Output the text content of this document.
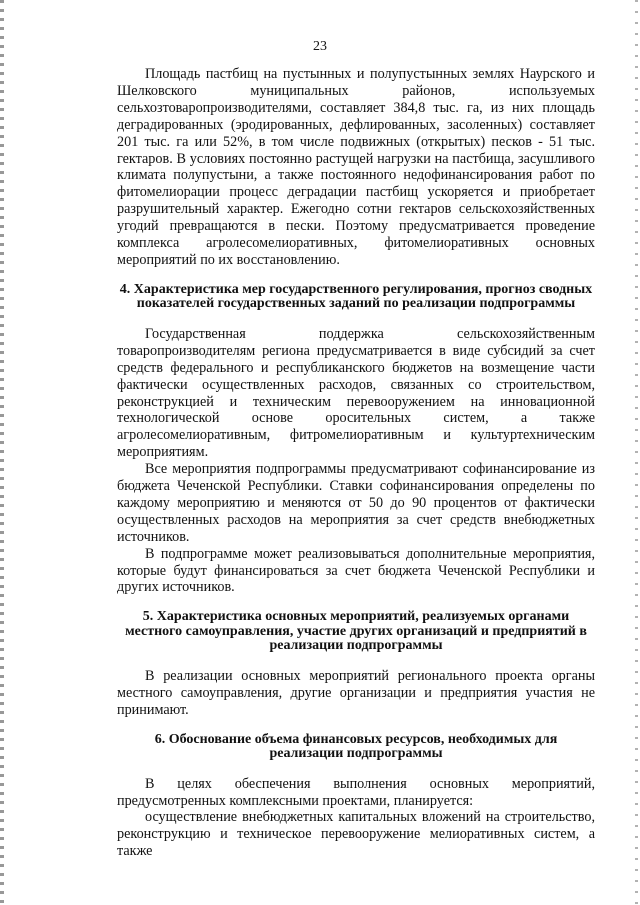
23

Площадь пастбищ на пустынных и полупустынных землях Наурского и Шелковского муниципальных районов, используемых сельхозтоваропроизводителями, составляет 384,8 тыс. га, из них площадь деградированных (эродированных, дефлированных, засоленных) составляет 201 тыс. га или 52%, в том числе подвижных (открытых) песков - 51 тыс. гектаров. В условиях постоянно растущей нагрузки на пастбища, засушливого климата полупустыни, а также постоянного недофинансирования работ по фитомелиорации процесс деградации пастбищ ускоряется и приобретает разрушительный характер. Ежегодно сотни гектаров сельскохозяйственных угодий превращаются в пески. Поэтому предусматривается проведение комплекса агролесомелиоративных, фитомелиоративных основных мероприятий по их восстановлению.

4. Характеристика мер государственного регулирования, прогноз сводных показателей государственных заданий по реализации подпрограммы

Государственная поддержка сельскохозяйственным товаропроизводителям региона предусматривается в виде субсидий за счет средств федерального и республиканского бюджетов на возмещение части фактически осуществленных расходов, связанных со строительством, реконструкцией и техническим перевооружением на инновационной технологической основе оросительных систем, а также агролесомелиоративным, фитромелиоративным и культуртехническим мероприятиям.

Все мероприятия подпрограммы предусматривают софинансирование из бюджета Чеченской Республики. Ставки софинансирования определены по каждому мероприятию и меняются от 50 до 90 процентов от фактически осуществленных расходов на мероприятия за счет средств внебюджетных источников.

В подпрограмме может реализовываться дополнительные мероприятия, которые будут финансироваться за счет бюджета Чеченской Республики и других источников.

5. Характеристика основных мероприятий, реализуемых органами местного самоуправления, участие других организаций и предприятий в реализации подпрограммы

В реализации основных мероприятий регионального проекта органы местного самоуправления, другие организации и предприятия участия не принимают.

6. Обоснование объема финансовых ресурсов, необходимых для реализации подпрограммы

В целях обеспечения выполнения основных мероприятий, предусмотренных комплексными проектами, планируется:

осуществление внебюджетных капитальных вложений на строительство, реконструкцию и техническое перевооружение мелиоративных систем, а также
